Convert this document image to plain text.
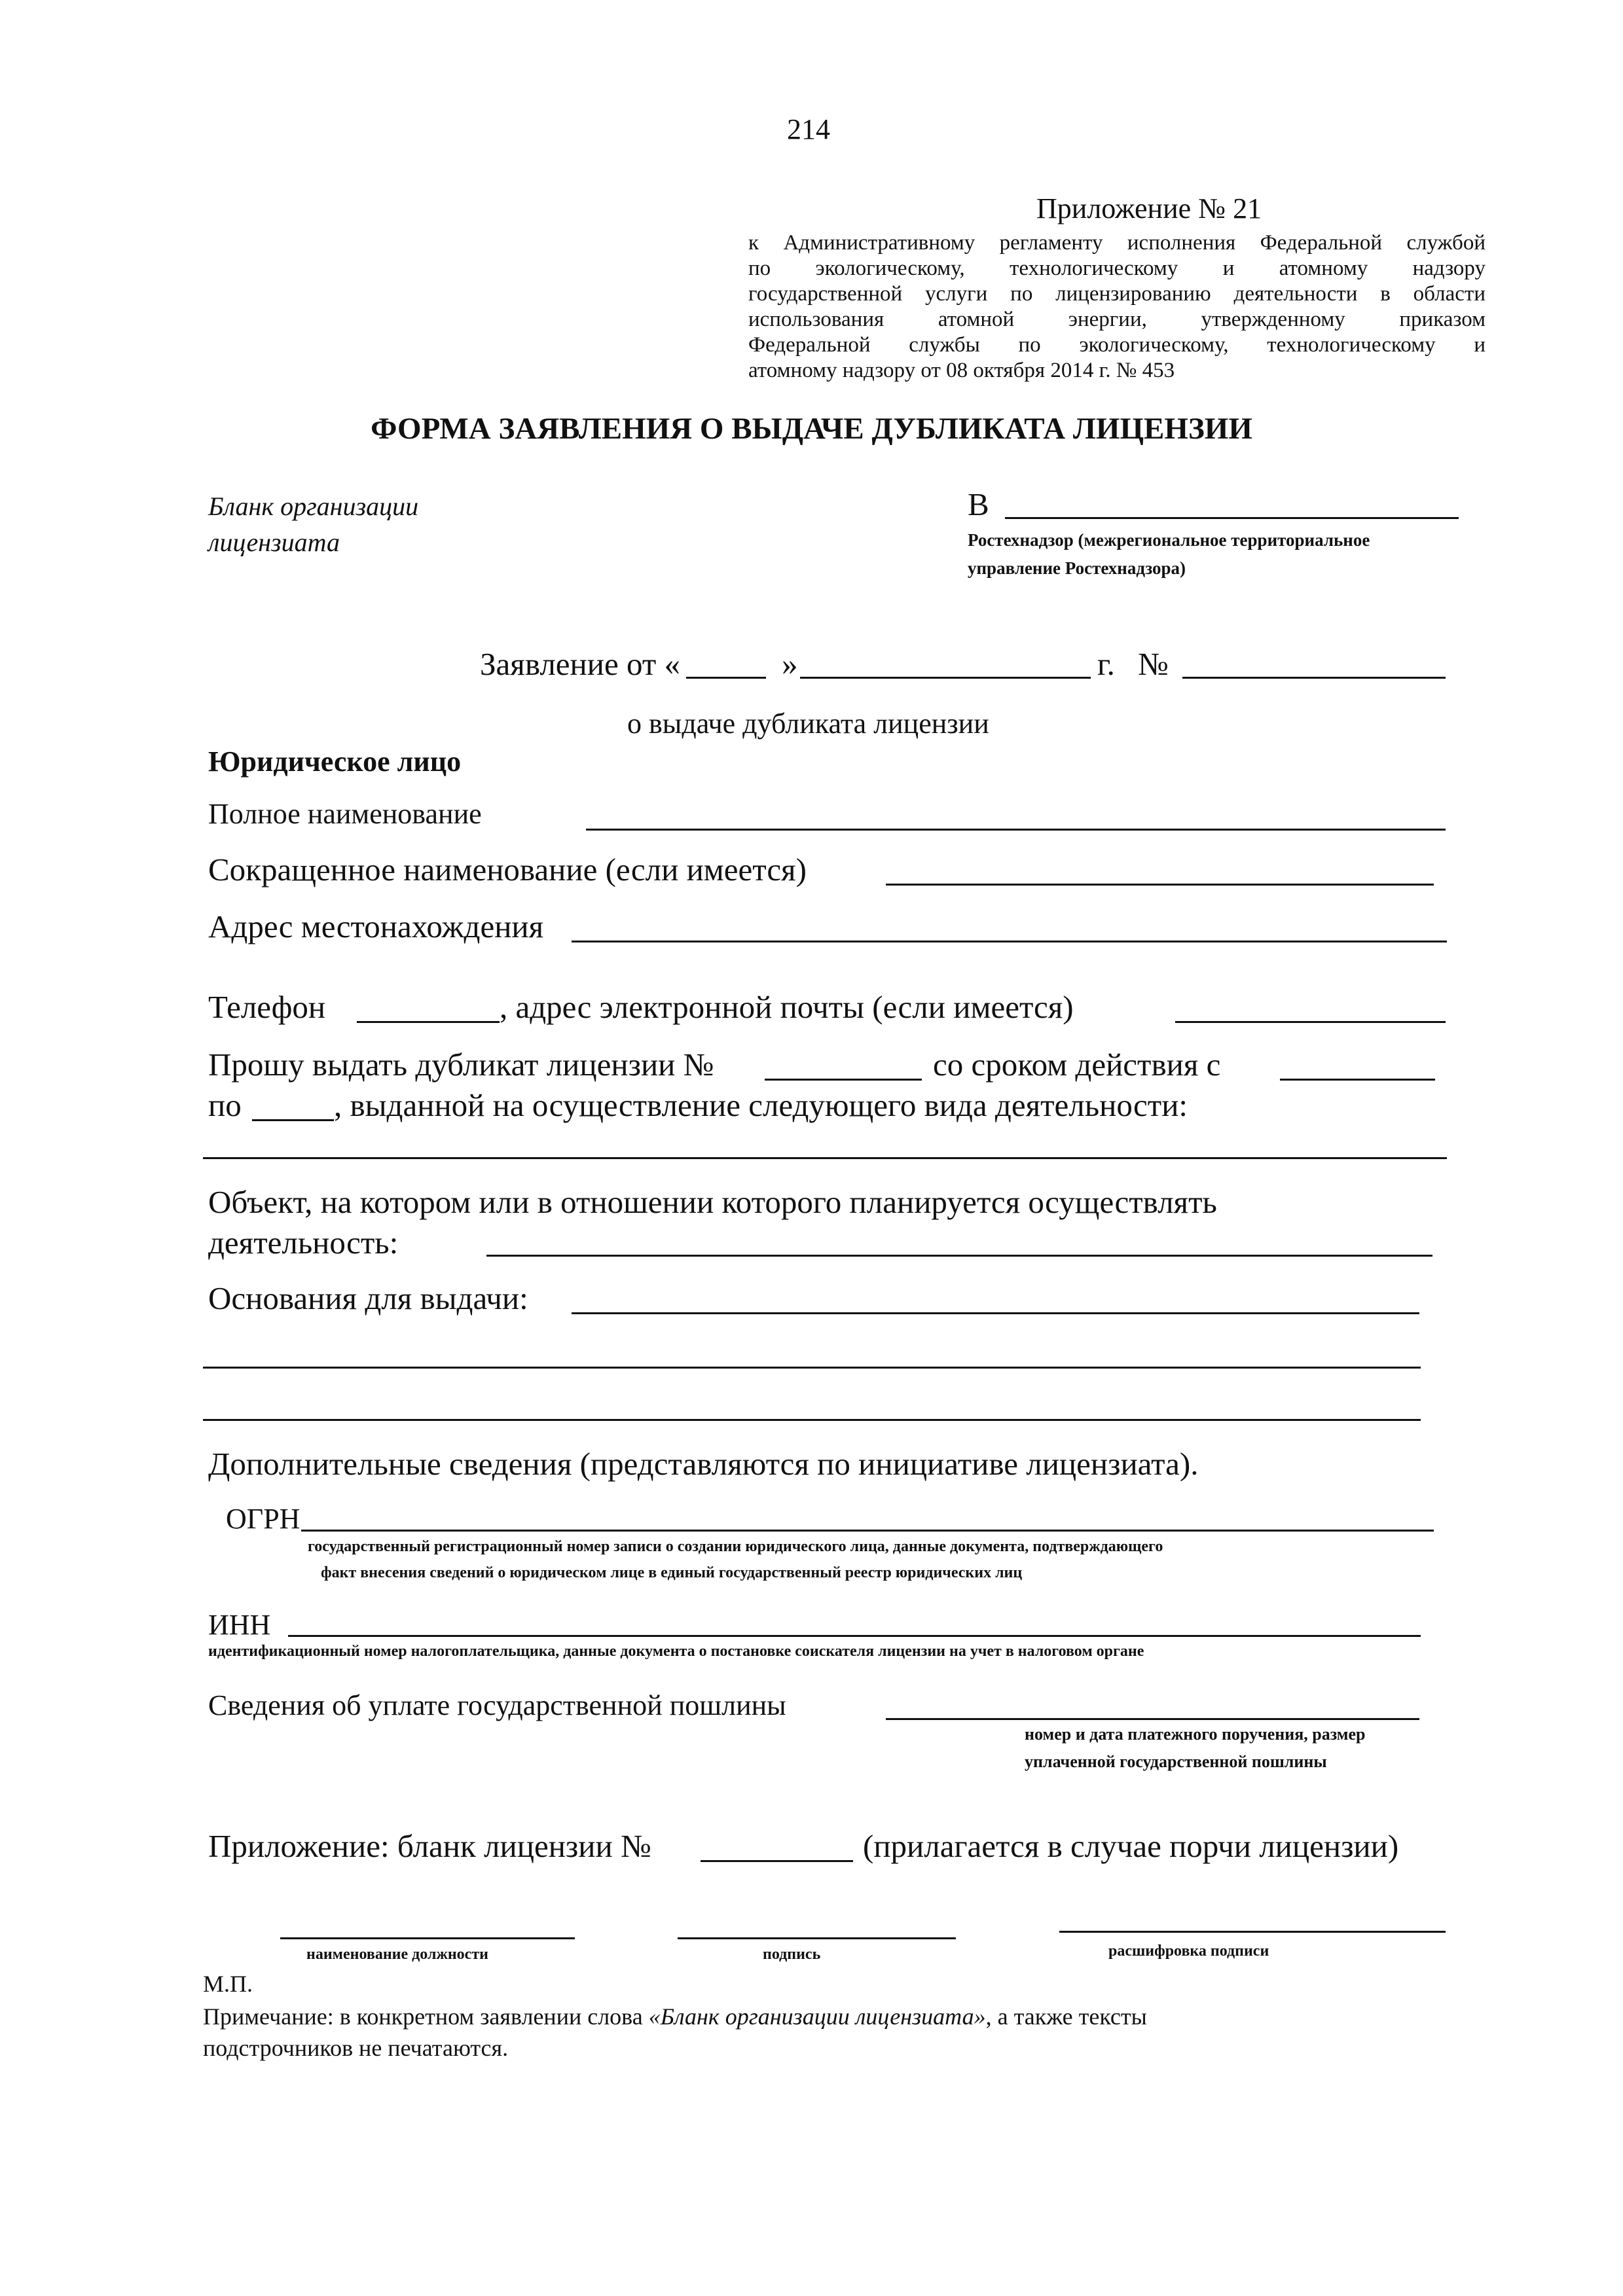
214
Приложение № 21
к Административному регламенту исполнения Федеральной службой
по экологическому, технологическому и атомному надзору
государственной услуги по лицензированию деятельности в области
использования атомной энергии, утвержденному приказом
Федеральной службы по экологическому, технологическому и
атомному надзору от 08 октября 2014 г. № 453
ФОРМА ЗАЯВЛЕНИЯ О ВЫДАЧЕ ДУБЛИКАТА ЛИЦЕНЗИИ
Бланк организации
лицензиата
В
Ростехнадзор (межрегиональное территориальное
управление Ростехнадзора)
Заявление от «	»	г. №
о выдаче дубликата лицензии
Юридическое лицо
Полное наименование
Сокращенное наименование (если имеется)
Адрес местонахождения
Телефон	, адрес электронной почты (если имеется)
Прошу выдать дубликат лицензии №	со сроком действия с
по	, выданной на осуществление следующего вида деятельности:
Объект, на котором или в отношении которого планируется осуществлять
деятельность:
Основания для выдачи:
Дополнительные сведения (представляются по инициативе лицензиата).
ОГРН
государственный регистрационный номер записи о создании юридического лица, данные документа, подтверждающего
факт внесения сведений о юридическом лице в единый государственный реестр юридических лиц
ИНН
идентификационный номер налогоплательщика, данные документа о постановке соискателя лицензии на учет в налоговом органе
Сведения об уплате государственной пошлины
номер и дата платежного поручения, размер
уплаченной государственной пошлины
Приложение: бланк лицензии №	(прилагается в случае порчи лицензии)
наименование должности	подпись	расшифровка подписи
М.П.
Примечание: в конкретном заявлении слова «Бланк организации лицензиата», а также тексты
подстрочников не печатаются.
